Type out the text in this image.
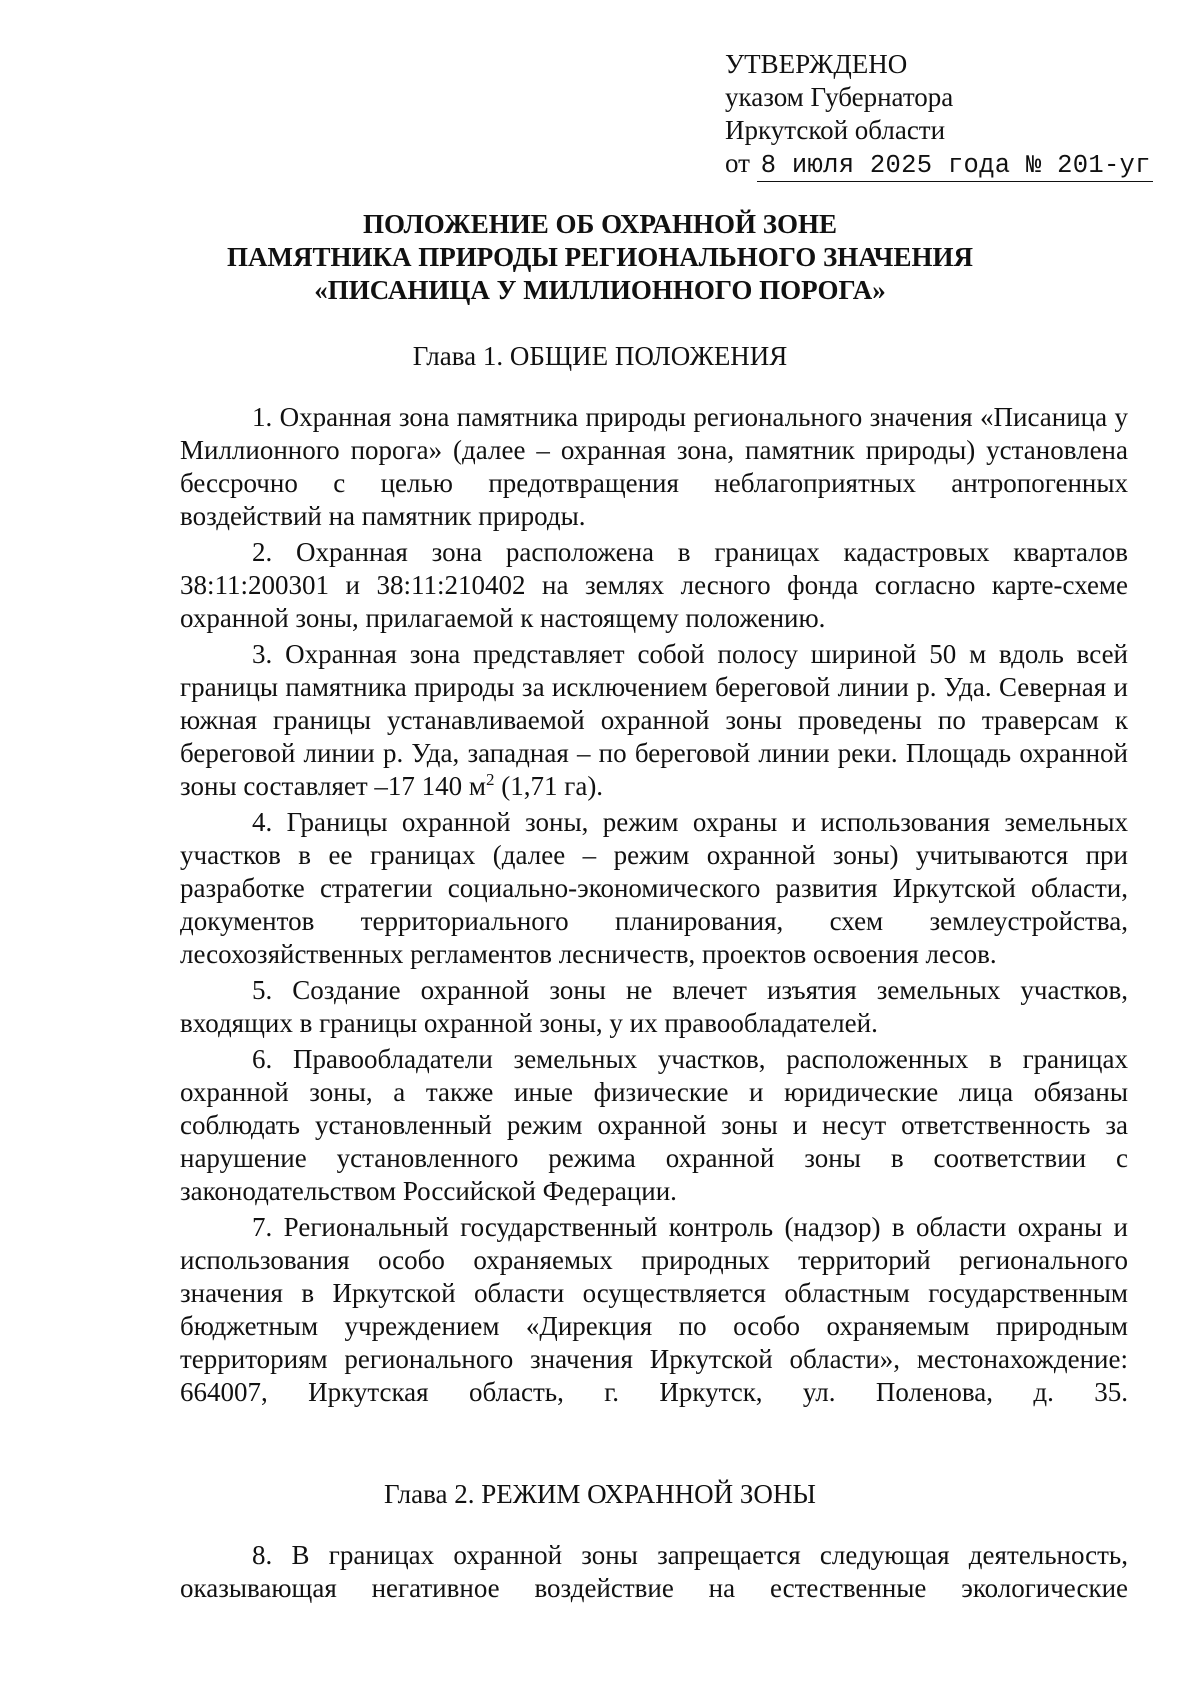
УТВЕРЖДЕНО
указом Губернатора
Иркутской области
от 8 июля 2025 года № 201-уг
ПОЛОЖЕНИЕ ОБ ОХРАННОЙ ЗОНЕ
ПАМЯТНИКА ПРИРОДЫ РЕГИОНАЛЬНОГО ЗНАЧЕНИЯ
«ПИСАНИЦА У МИЛЛИОННОГО ПОРОГА»
Глава 1. ОБЩИЕ ПОЛОЖЕНИЯ

1. Охранная зона памятника природы регионального значения «Писаница у Миллионного порога» (далее – охранная зона, памятник природы) установлена бессрочно с целью предотвращения неблагоприятных антропогенных воздействий на памятник природы.

2. Охранная зона расположена в границах кадастровых кварталов 38:11:200301 и 38:11:210402 на землях лесного фонда согласно карте-схеме охранной зоны, прилагаемой к настоящему положению.

3. Охранная зона представляет собой полосу шириной 50 м вдоль всей границы памятника природы за исключением береговой линии р. Уда. Северная и южная границы устанавливаемой охранной зоны проведены по траверсам к береговой линии р. Уда, западная – по береговой линии реки. Площадь охранной зоны составляет –17 140 $м^2$ (1,71 га).

4. Границы охранной зоны, режим охраны и использования земельных участков в ее границах (далее – режим охранной зоны) учитываются при разработке стратегии социально-экономического развития Иркутской области, документов территориального планирования, схем землеустройства, лесохозяйственных регламентов лесничеств, проектов освоения лесов.

5. Создание охранной зоны не влечет изъятия земельных участков, входящих в границы охранной зоны, у их правообладателей.

6. Правообладатели земельных участков, расположенных в границах охранной зоны, а также иные физические и юридические лица обязаны соблюдать установленный режим охранной зоны и несут ответственность за нарушение установленного режима охранной зоны в соответствии с законодательством Российской Федерации.

7. Региональный государственный контроль (надзор) в области охраны и использования особо охраняемых природных территорий регионального значения в Иркутской области осуществляется областным государственным бюджетным учреждением «Дирекция по особо охраняемым природным территориям регионального значения Иркутской области», местонахождение: 664007, Иркутская область, г. Иркутск, ул. Поленова, д. 35.

Глава 2. РЕЖИМ ОХРАННОЙ ЗОНЫ

8. В границах охранной зоны запрещается следующая деятельность, оказывающая негативное воздействие на естественные экологические
